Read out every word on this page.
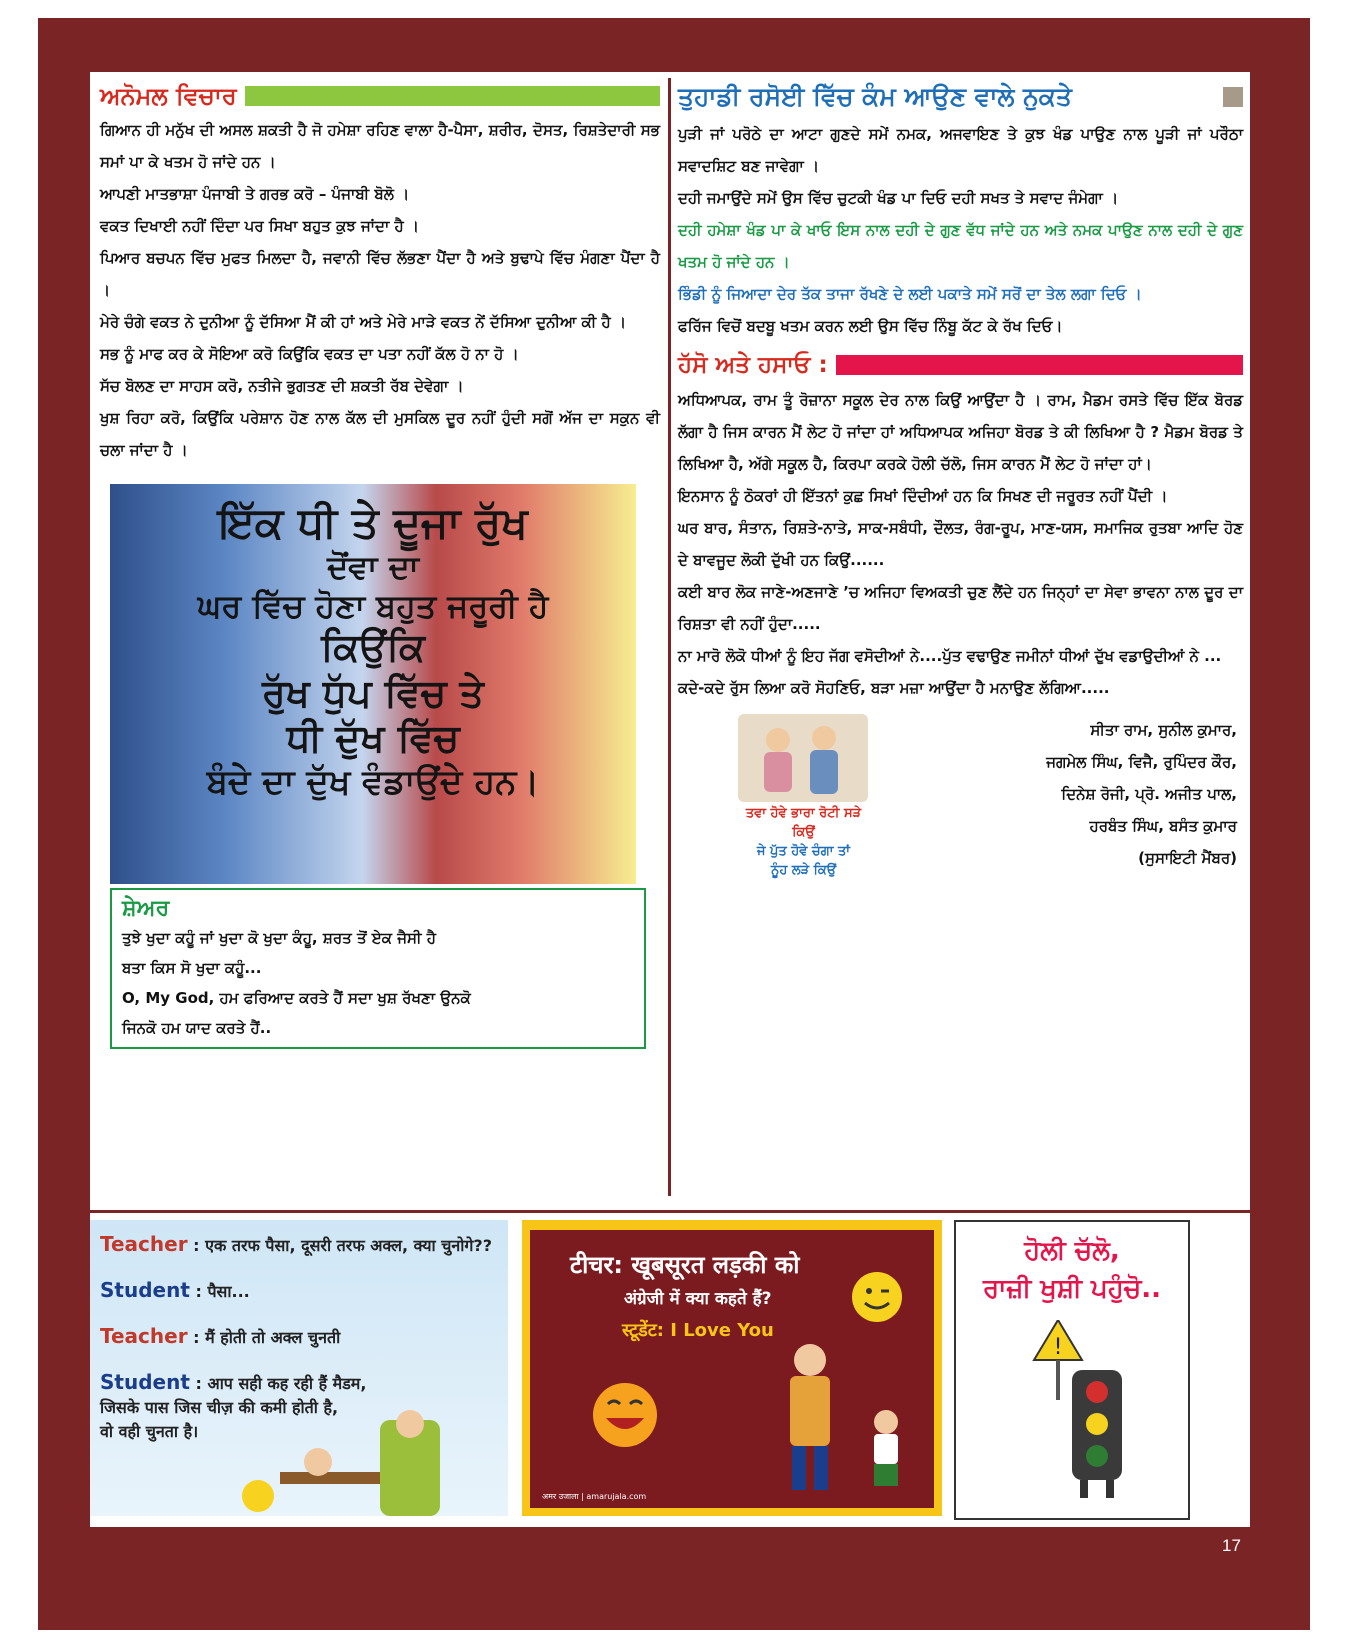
ਅਨੋਮਲ ਵਿਚਾਰ

ਗਿਆਨ ਹੀ ਮਨੁੱਖ ਦੀ ਅਸਲ ਸ਼ਕਤੀ ਹੈ ਜੋ ਹਮੇਸ਼ਾ ਰਹਿਣ ਵਾਲਾ ਹੈ-ਪੈਸਾ, ਸ਼ਰੀਰ, ਦੋਸਤ, ਰਿਸ਼ਤੇਦਾਰੀ ਸਭ ਸਮਾਂ ਪਾ ਕੇ ਖਤਮ ਹੋ ਜਾਂਦੇ ਹਨ ।

ਆਪਣੀ ਮਾਤਭਾਸ਼ਾ ਪੰਜਾਬੀ ਤੇ ਗਰਭ ਕਰੋ – ਪੰਜਾਬੀ ਬੋਲੋ ।

ਵਕਤ ਦਿਖਾਈ ਨਹੀਂ ਦਿੰਦਾ ਪਰ ਸਿਖਾ ਬਹੁਤ ਕੁਝ ਜਾਂਦਾ ਹੈ ।

ਪਿਆਰ ਬਚਪਨ ਵਿੱਚ ਮੁਫਤ ਮਿਲਦਾ ਹੈ, ਜਵਾਨੀ ਵਿੱਚ ਲੱਭਣਾ ਪੈਂਦਾ ਹੈ ਅਤੇ ਬੁਢਾਪੇ ਵਿੱਚ ਮੰਗਣਾ ਪੈਂਦਾ ਹੈ ।

ਮੇਰੇ ਚੰਗੇ ਵਕਤ ਨੇ ਦੁਨੀਆ ਨੂੰ ਦੱਸਿਆ ਮੈਂ ਕੀ ਹਾਂ ਅਤੇ ਮੇਰੇ ਮਾੜੇ ਵਕਤ ਨੇਂ ਦੱਸਿਆ ਦੁਨੀਆ ਕੀ ਹੈ ।

ਸਭ ਨੂੰ ਮਾਫ ਕਰ ਕੇ ਸੋਇਆ ਕਰੋ ਕਿਉਂਕਿ ਵਕਤ ਦਾ ਪਤਾ ਨਹੀਂ ਕੱਲ ਹੋ ਨਾ ਹੋ ।

ਸੱਚ ਬੋਲਣ ਦਾ ਸਾਹਸ ਕਰੋ, ਨਤੀਜੇ ਭੁਗਤਣ ਦੀ ਸ਼ਕਤੀ ਰੱਬ ਦੇਵੇਗਾ ।

ਖੁਸ਼ ਰਿਹਾ ਕਰੋ, ਕਿਉਂਕਿ ਪਰੇਸ਼ਾਨ ਹੋਣ ਨਾਲ ਕੱਲ ਦੀ ਮੁਸਕਿਲ ਦੂਰ ਨਹੀਂ ਹੁੰਦੀ ਸਗੋਂ ਅੱਜ ਦਾ ਸਕੁਨ ਵੀ ਚਲਾ ਜਾਂਦਾ ਹੈ ।

ਇੱਕ ਧੀ ਤੇ ਦੂਜਾ ਰੁੱਖ

ਦੋਂਵਾ ਦਾ

ਘਰ ਵਿੱਚ ਹੋਣਾ ਬਹੁਤ ਜਰੂਰੀ ਹੈ

ਕਿਉਂਕਿ

ਰੁੱਖ ਧੁੱਪ ਵਿੱਚ ਤੇ

ਧੀ ਦੁੱਖ ਵਿੱਚ

ਬੰਦੇ ਦਾ ਦੁੱਖ ਵੰਡਾਉਂਦੇ ਹਨ।

ਸ਼ੇਅਰ

ਤੁਝੇ ਖੁਦਾ ਕਹੂੰ ਜਾਂ ਖੁਦਾ ਕੋ ਖੁਦਾ ਕੰਹੂ, ਸ਼ਰਤ ਤੋਂ ਏਕ ਜੈਸੀ ਹੈ

ਬਤਾ ਕਿਸ ਸੋ ਖੁਦਾ ਕਹੂੰ...

O, My God, ਹਮ ਫਰਿਆਦ ਕਰਤੇ ਹੈਂ ਸਦਾ ਖੁਸ਼ ਰੱਖਣਾ ਉਨਕੋ

ਜਿਨਕੋ ਹਮ ਯਾਦ ਕਰਤੇ ਹੈਂ..

ਤੁਹਾਡੀ ਰਸੋਈ ਵਿੱਚ ਕੰਮ ਆਉਣ ਵਾਲੇ ਨੁਕਤੇ

ਪੁੜੀ ਜਾਂ ਪਰੋਠੇ ਦਾ ਆਟਾ ਗੁਣਦੇ ਸਮੇਂ ਨਮਕ, ਅਜਵਾਇਣ ਤੇ ਕੁਝ ਖੰਡ ਪਾਉਣ ਨਾਲ ਪੂੜੀ ਜਾਂ ਪਰੌਠਾ ਸਵਾਦਸ਼ਿਟ ਬਣ ਜਾਵੇਗਾ ।

ਦਹੀ ਜਮਾਉਂਦੇ ਸਮੇਂ ਉਸ ਵਿੱਚ ਚੁਟਕੀ ਖੰਡ ਪਾ ਦਿਓ ਦਹੀ ਸਖਤ ਤੇ ਸਵਾਦ ਜੰਮੇਗਾ ।

ਦਹੀ ਹਮੇਸ਼ਾ ਖੰਡ ਪਾ ਕੇ ਖਾਓ ਇਸ ਨਾਲ ਦਹੀ ਦੇ ਗੁਣ ਵੱਧ ਜਾਂਦੇ ਹਨ ਅਤੇ ਨਮਕ ਪਾਉਣ ਨਾਲ ਦਹੀ ਦੇ ਗੁਣ ਖਤਮ ਹੋ ਜਾਂਦੇ ਹਨ ।

ਭਿੰਡੀ ਨੂੰ ਜਿਆਦਾ ਦੇਰ ਤੱਕ ਤਾਜਾ ਰੱਖਣੇ ਦੇ ਲਈ ਪਕਾਤੇ ਸਮੇਂ ਸਰੋਂ ਦਾ ਤੇਲ ਲਗਾ ਦਿਓ ।

ਫਰਿੱਜ ਵਿਚੋਂ ਬਦਬੂ ਖਤਮ ਕਰਨ ਲਈ ਉਸ ਵਿੱਚ ਨਿੰਬੂ ਕੱਟ ਕੇ ਰੱਖ ਦਿਓ।

ਹੱਸੋ ਅਤੇ ਹਸਾਓ :

ਅਧਿਆਪਕ, ਰਾਮ ਤੂੰ ਰੋਜ਼ਾਨਾ ਸਕੂਲ ਦੇਰ ਨਾਲ ਕਿਉਂ ਆਉਂਦਾ ਹੈ । ਰਾਮ, ਮੈਡਮ ਰਸਤੇ ਵਿੱਚ ਇੱਕ ਬੋਰਡ ਲੱਗਾ ਹੈ ਜਿਸ ਕਾਰਨ ਮੈਂ ਲੇਟ ਹੋ ਜਾਂਦਾ ਹਾਂ ਅਧਿਆਪਕ ਅਜਿਹਾ ਬੋਰਡ ਤੇ ਕੀ ਲਿਖਿਆ ਹੈ ? ਮੈਡਮ ਬੋਰਡ ਤੇ ਲਿਖਿਆ ਹੈ, ਅੱਗੇ ਸਕੂਲ ਹੈ, ਕਿਰਪਾ ਕਰਕੇ ਹੋਲੀ ਚੱਲੋ, ਜਿਸ ਕਾਰਨ ਮੈਂ ਲੇਟ ਹੋ ਜਾਂਦਾ ਹਾਂ।

ਇਨਸਾਨ ਨੂੰ ਠੋਕਰਾਂ ਹੀ ਇੱਤਨਾਂ ਕੁਛ ਸਿਖਾਂ ਦਿੰਦੀਆਂ ਹਨ ਕਿ ਸਿਖਣ ਦੀ ਜਰੂਰਤ ਨਹੀਂ ਪੈਂਦੀ ।

ਘਰ ਬਾਰ, ਸੰਤਾਨ, ਰਿਸ਼ਤੇ-ਨਾਤੇ, ਸਾਕ-ਸਬੰਧੀ, ਦੌਲਤ, ਰੰਗ-ਰੂਪ, ਮਾਣ-ਯਸ, ਸਮਾਜਿਕ ਰੁਤਬਾ ਆਦਿ ਹੋਣ ਦੇ ਬਾਵਜੂਦ ਲੋਕੀ ਦੁੱਖੀ ਹਨ ਕਿਉਂ......

ਕਈ ਬਾਰ ਲੋਕ ਜਾਣੇ-ਅਣਜਾਣੇ ’ਚ ਅਜਿਹਾ ਵਿਅਕਤੀ ਚੁਣ ਲੈਂਦੇ ਹਨ ਜਿਨ੍ਹਾਂ ਦਾ ਸੇਵਾ ਭਾਵਨਾ ਨਾਲ ਦੂਰ ਦਾ ਰਿਸ਼ਤਾ ਵੀ ਨਹੀਂ ਹੁੰਦਾ.....

ਨਾ ਮਾਰੋ ਲੋਕੋ ਧੀਆਂ ਨੂੰ ਇਹ ਜੱਗ ਵਸੋਦੀਆਂ ਨੇ....ਪੁੱਤ ਵਢਾਉਣ ਜਮੀਨਾਂ ਧੀਆਂ ਦੁੱਖ ਵਡਾਉਦੀਆਂ ਨੇ ...

ਕਦੇ-ਕਦੇ ਰੁੱਸ ਲਿਆ ਕਰੋ ਸੋਹਣਿਓ, ਬੜਾ ਮਜ਼ਾ ਆਉਂਦਾ ਹੈ ਮਨਾਉਣ ਲੱਗਿਆ.....

ਤਵਾ ਹੋਵੇ ਭਾਰਾ ਰੋਟੀ ਸੜੇ
ਕਿਉਂ
ਜੇ ਪੁੱਤ ਹੋਵੇ ਚੰਗਾ ਤਾਂ
ਨੂੰਹ ਲੜੇ ਕਿਉਂ

ਸੀਤਾ ਰਾਮ, ਸੁਨੀਲ ਕੁਮਾਰ,

ਜਗਮੇਲ ਸਿੰਘ, ਵਿਜੈ, ਰੁਪਿੰਦਰ ਕੌਰ,

ਦਿਨੇਸ਼ ਰੋਜੀ, ਪ੍ਰੋ. ਅਜੀਤ ਪਾਲ,

ਹਰਬੰਤ ਸਿੰਘ, ਬਸੰਤ ਕੁਮਾਰ

(ਸੁਸਾਇਟੀ ਮੈਂਬਰ)

Teacher : एक तरफ पैसा, दूसरी तरफ अक्ल, क्या चुनोगे??
Student : पैसा...
Teacher : मैं होती तो अक्ल चुनती
Student : आप सही कह रही हैं मैडम,
जिसके पास जिस चीज़ की कमी होती है,
वो वही चुनता है।
टीचर: खूबसूरत लड़की को
अंग्रेजी में क्या कहते हैं?
स्टूडेंट: I Love You
अमर उजाला | amarujala.com
ਹੋਲੀ ਚੱਲੋ,
ਰਾਜ਼ੀ ਖੁਸ਼ੀ ਪਹੁੰਚੋ..
!
17
